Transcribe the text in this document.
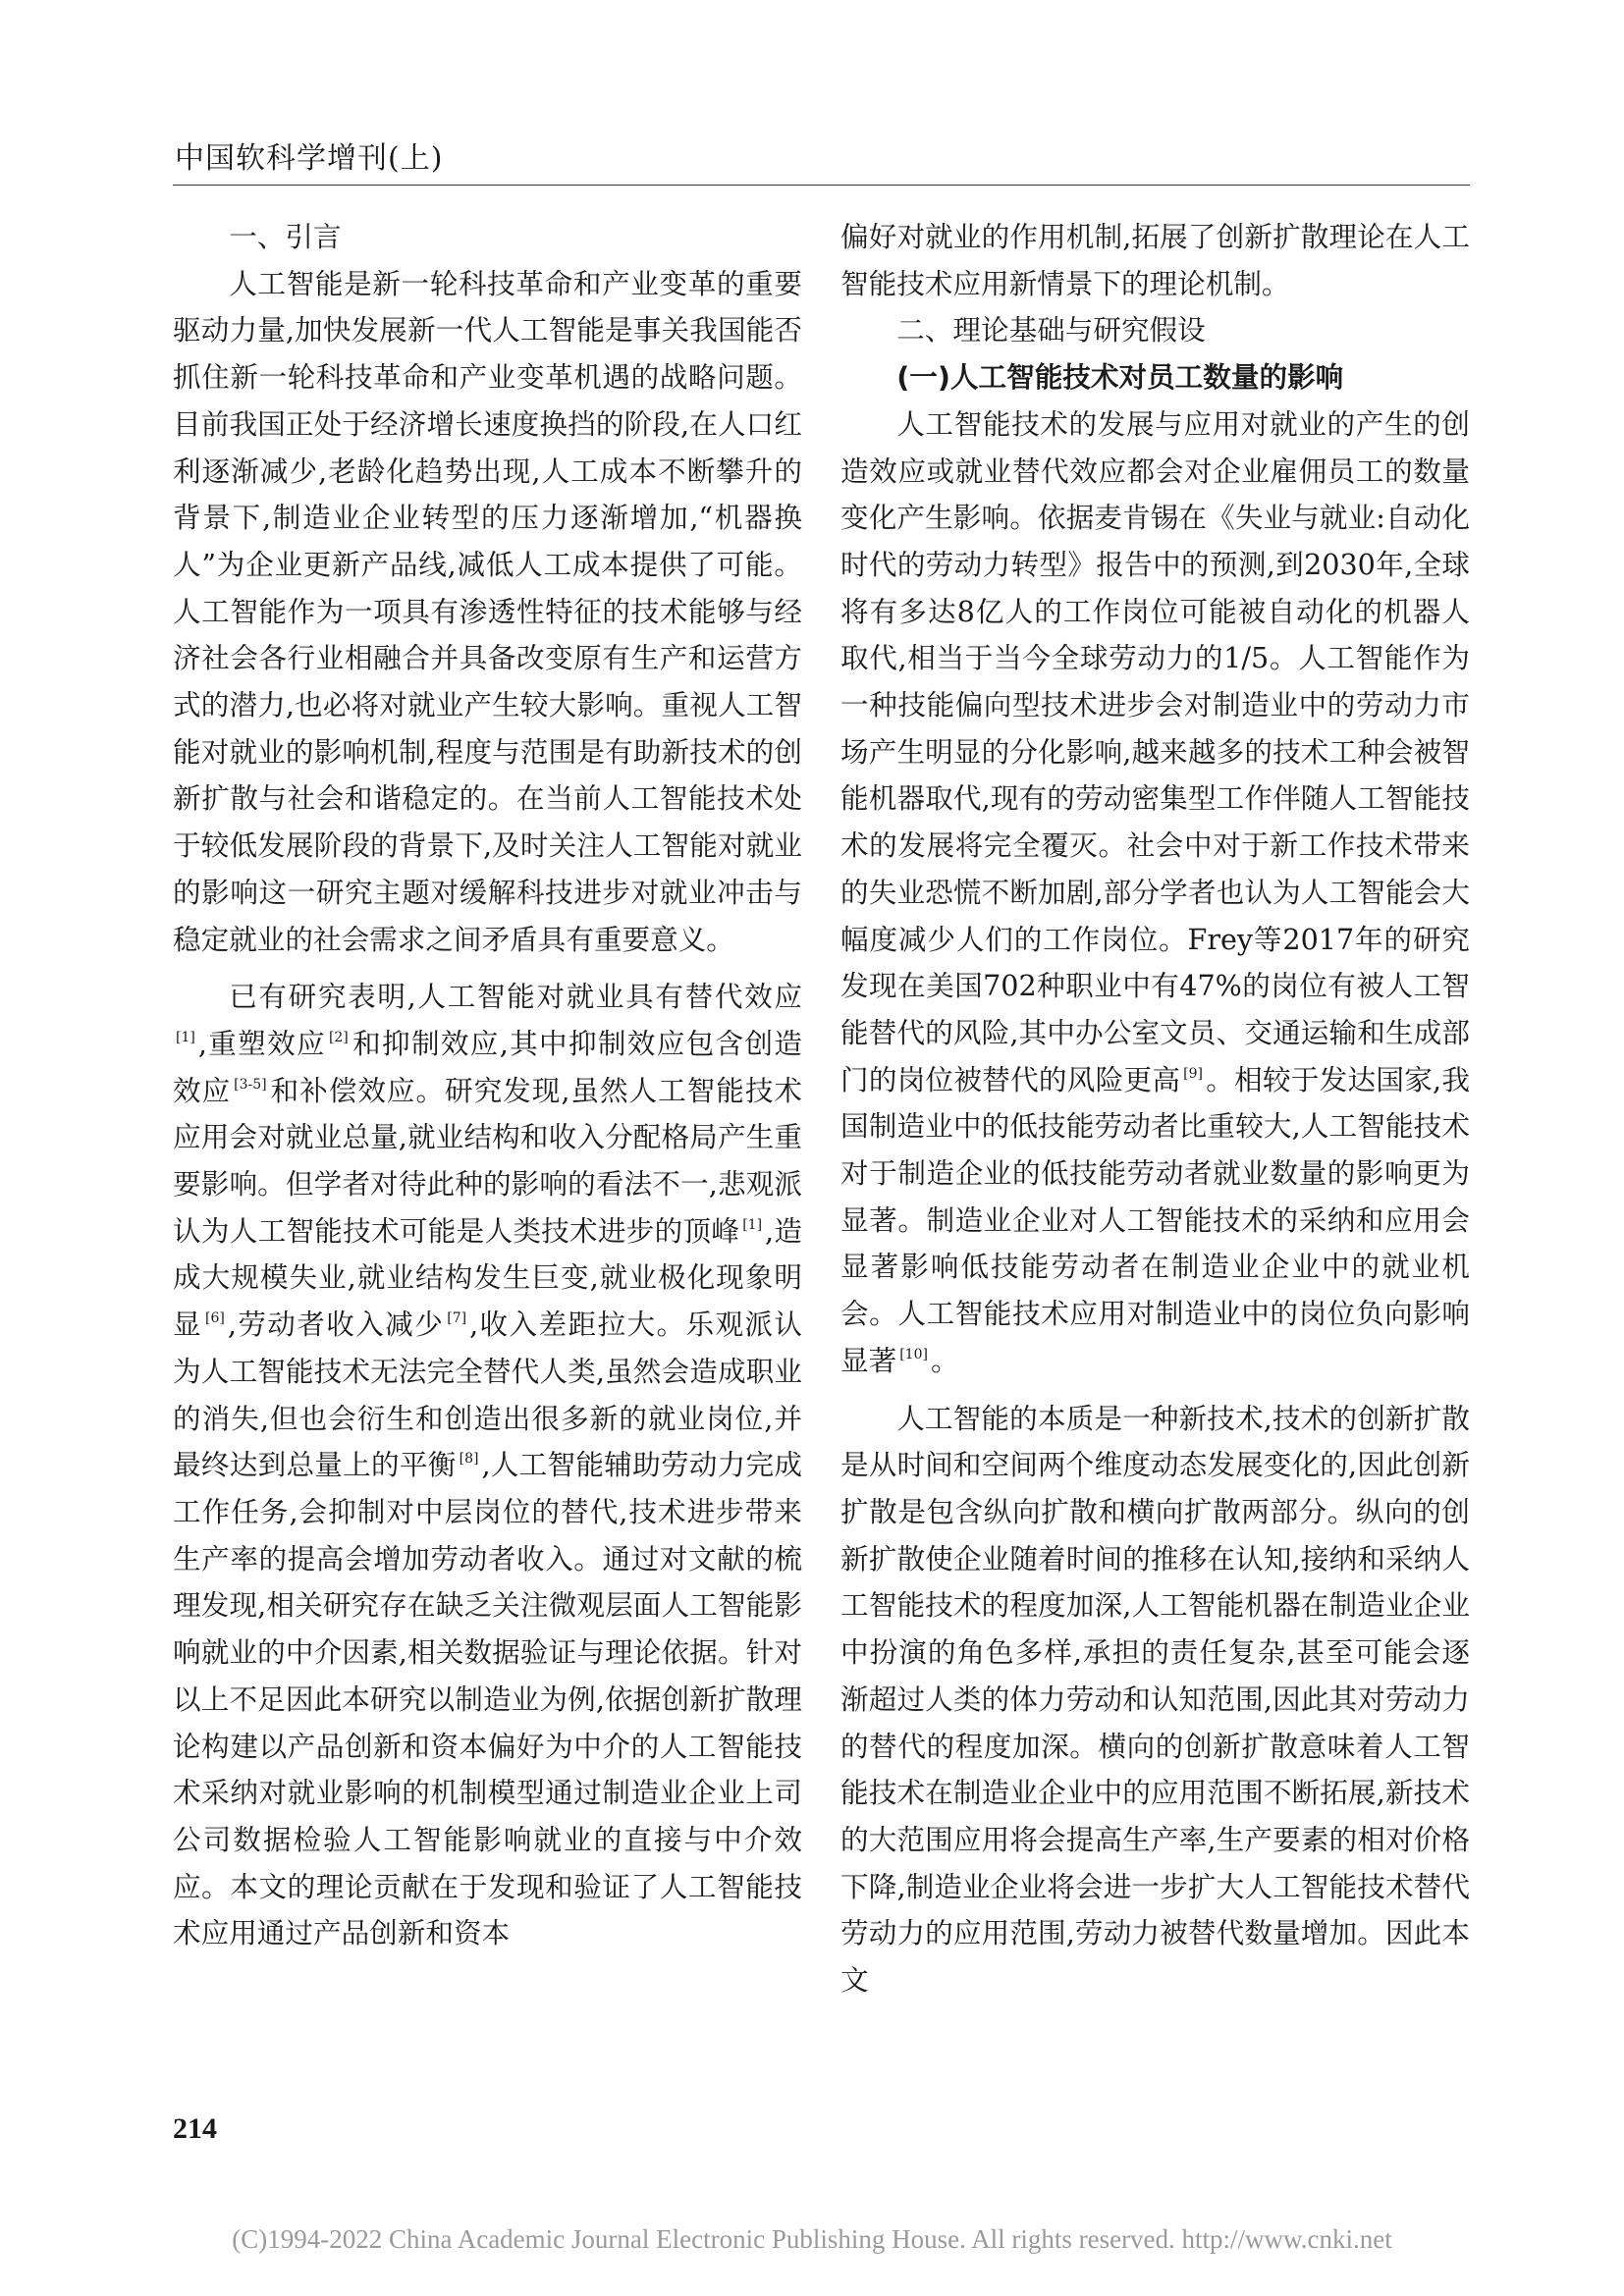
中国软科学增刊(上)
一、引言

人工智能是新一轮科技革命和产业变革的重要驱动力量,加快发展新一代人工智能是事关我国能否抓住新一轮科技革命和产业变革机遇的战略问题。目前我国正处于经济增长速度换挡的阶段,在人口红利逐渐减少,老龄化趋势出现,人工成本不断攀升的背景下,制造业企业转型的压力逐渐增加,“机器换人”为企业更新产品线,减低人工成本提供了可能。人工智能作为一项具有渗透性特征的技术能够与经济社会各行业相融合并具备改变原有生产和运营方式的潜力,也必将对就业产生较大影响。重视人工智能对就业的影响机制,程度与范围是有助新技术的创新扩散与社会和谐稳定的。在当前人工智能技术处于较低发展阶段的背景下,及时关注人工智能对就业的影响这一研究主题对缓解科技进步对就业冲击与稳定就业的社会需求之间矛盾具有重要意义。

已有研究表明,人工智能对就业具有替代效应[1] ,重塑效应 [2] 和抑制效应,其中抑制效应包含创造效应 [3-5] 和补偿效应。研究发现,虽然人工智能技术应用会对就业总量,就业结构和收入分配格局产生重要影响。但学者对待此种的影响的看法不一,悲观派认为人工智能技术可能是人类技术进步的顶峰 [1] ,造成大规模失业,就业结构发生巨变,就业极化现象明显 [6] ,劳动者收入减少 [7] ,收入差距拉大。乐观派认为人工智能技术无法完全替代人类,虽然会造成职业的消失,但也会衍生和创造出很多新的就业岗位,并最终达到总量上的平衡 [8] ,人工智能辅助劳动力完成工作任务,会抑制对中层岗位的替代,技术进步带来生产率的提高会增加劳动者收入。通过对文献的梳理发现,相关研究存在缺乏关注微观层面人工智能影响就业的中介因素,相关数据验证与理论依据。针对以上不足因此本研究以制造业为例,依据创新扩散理论构建以产品创新和资本偏好为中介的人工智能技术采纳对就业影响的机制模型通过制造业企业上司公司数据检验人工智能影响就业的直接与中介效应。本文的理论贡献在于发现和验证了人工智能技术应用通过产品创新和资本

偏好对就业的作用机制,拓展了创新扩散理论在人工智能技术应用新情景下的理论机制。

二、理论基础与研究假设
(一)人工智能技术对员工数量的影响

人工智能技术的发展与应用对就业的产生的创造效应或就业替代效应都会对企业雇佣员工的数量变化产生影响。依据麦肯锡在《失业与就业:自动化时代的劳动力转型》报告中的预测,到2030年,全球将有多达8亿人的工作岗位可能被自动化的机器人取代,相当于当今全球劳动力的1/5。人工智能作为一种技能偏向型技术进步会对制造业中的劳动力市场产生明显的分化影响,越来越多的技术工种会被智能机器取代,现有的劳动密集型工作伴随人工智能技术的发展将完全覆灭。社会中对于新工作技术带来的失业恐慌不断加剧,部分学者也认为人工智能会大幅度减少人们的工作岗位。Frey等2017年的研究发现在美国702种职业中有47%的岗位有被人工智能替代的风险,其中办公室文员、交通运输和生成部门的岗位被替代的风险更高 [9] 。相较于发达国家,我国制造业中的低技能劳动者比重较大,人工智能技术对于制造企业的低技能劳动者就业数量的影响更为显著。制造业企业对人工智能技术的采纳和应用会显著影响低技能劳动者在制造业企业中的就业机会。人工智能技术应用对制造业中的岗位负向影响显著 [10] 。

人工智能的本质是一种新技术,技术的创新扩散是从时间和空间两个维度动态发展变化的,因此创新扩散是包含纵向扩散和横向扩散两部分。纵向的创新扩散使企业随着时间的推移在认知,接纳和采纳人工智能技术的程度加深,人工智能机器在制造业企业中扮演的角色多样,承担的责任复杂,甚至可能会逐渐超过人类的体力劳动和认知范围,因此其对劳动力的替代的程度加深。横向的创新扩散意味着人工智能技术在制造业企业中的应用范围不断拓展,新技术的大范围应用将会提高生产率,生产要素的相对价格下降,制造业企业将会进一步扩大人工智能技术替代劳动力的应用范围,劳动力被替代数量增加。因此本文

214
(C)1994-2022 China Academic Journal Electronic Publishing House. All rights reserved. http://www.cnki.net
